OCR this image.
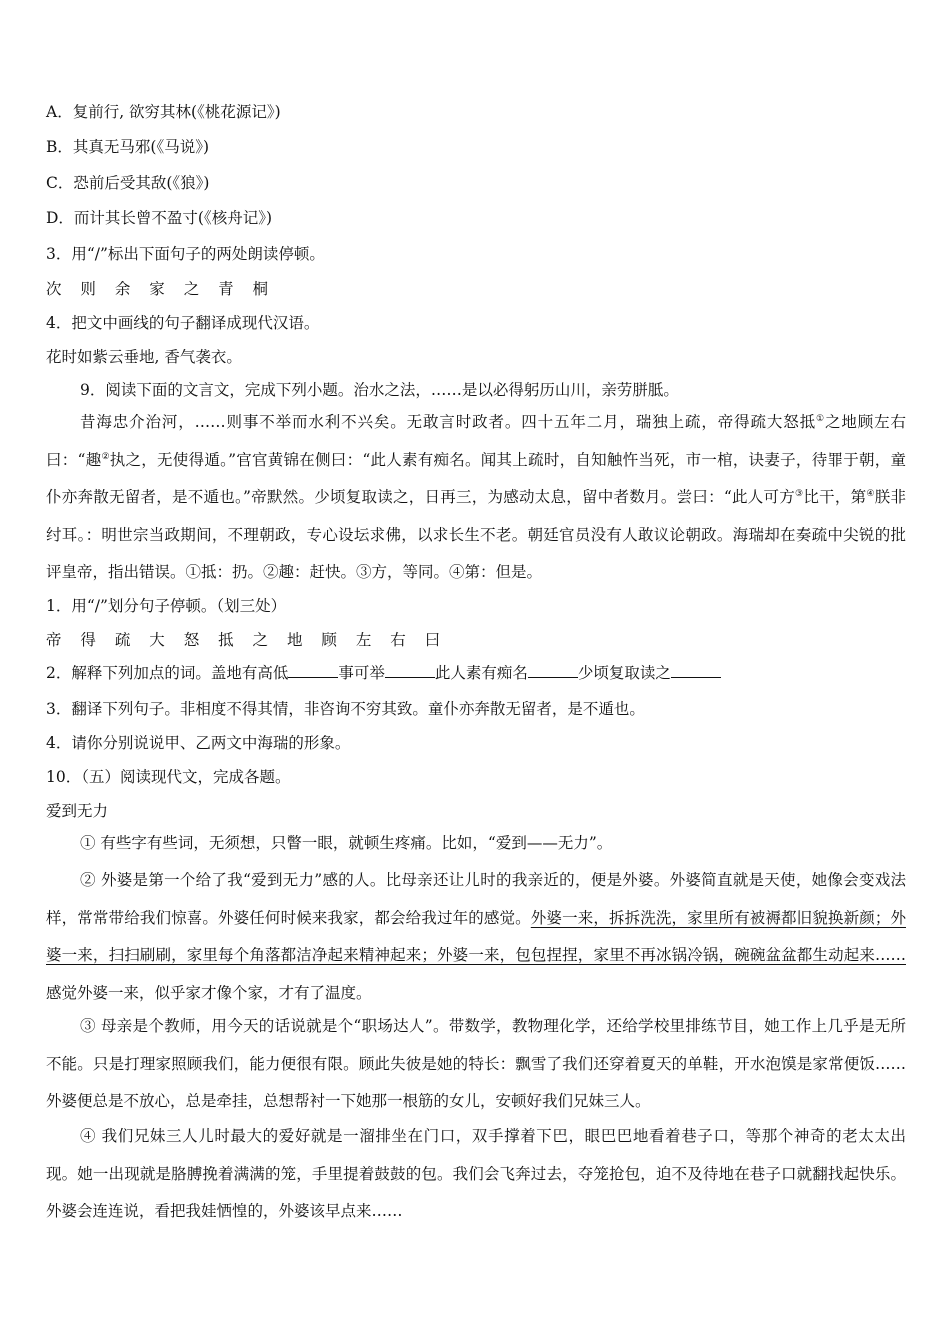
A．复前行, 欲穷其林(《桃花源记》)
B．其真无马邪(《马说》)
C．恐前后受其敌(《狼》)
D．而计其长曾不盈寸(《核舟记》)
3．用“/”标出下面句子的两处朗读停顿。
次 则 余 家 之 青 桐
4．把文中画线的句子翻译成现代汉语。
花时如紫云垂地, 香气袭衣。
9．阅读下面的文言文，完成下列小题。治水之法，……是以必得躬历山川，亲劳胼胝。
昔海忠介治河，……则事不举而水利不兴矣。无敢言时政者。四十五年二月，瑞独上疏，帝得疏大怒抵①之地顾左右曰：“趣②执之，无使得遁。”官官黄锦在侧曰：“此人素有痴名。闻其上疏时，自知触忤当死，市一棺，诀妻子，待罪于朝，童仆亦奔散无留者，是不遁也。”帝默然。少顷复取读之，日再三，为感动太息，留中者数月。尝曰：“此人可方③比干，第④朕非纣耳。：明世宗当政期间，不理朝政，专心设坛求佛，以求长生不老。朝廷官员没有人敢议论朝政。海瑞却在奏疏中尖锐的批评皇帝，指出错误。①抵：扔。②趣：赶快。③方，等同。④第：但是。
1．用“/”划分句子停顿。（划三处）
帝 得 疏 大 怒 抵 之 地 顾 左 右 曰
2．解释下列加点的词。盖地有高低	事可举	此人素有痴名	少顷复取读之
3．翻译下列句子。非相度不得其情，非咨询不穷其致。童仆亦奔散无留者，是不遁也。
4．请你分别说说甲、乙两文中海瑞的形象。
10．（五）阅读现代文，完成各题。
爱到无力
① 有些字有些词，无须想，只瞥一眼，就顿生疼痛。比如，“爱到——无力”。
② 外婆是第一个给了我“爱到无力”感的人。比母亲还让儿时的我亲近的，便是外婆。外婆简直就是天使，她像会变戏法样，常常带给我们惊喜。外婆任何时候来我家，都会给我过年的感觉。外婆一来，拆拆洗洗，家里所有被褥都旧貌换新颜；外婆一来，扫扫刷刷，家里每个角落都洁净起来精神起来；外婆一来，包包捏捏，家里不再冰锅冷锅，碗碗盆盆都生动起来……感觉外婆一来，似乎家才像个家，才有了温度。
③ 母亲是个教师，用今天的话说就是个“职场达人”。带数学，教物理化学，还给学校里排练节目，她工作上几乎是无所不能。只是打理家照顾我们，能力便很有限。顾此失彼是她的特长：飘雪了我们还穿着夏天的单鞋，开水泡馍是家常便饭……外婆便总是不放心，总是牵挂，总想帮衬一下她那一根筋的女儿，安顿好我们兄妹三人。
④ 我们兄妹三人儿时最大的爱好就是一溜排坐在门口，双手撑着下巴，眼巴巴地看着巷子口，等那个神奇的老太太出现。她一出现就是胳膊挽着满满的笼，手里提着鼓鼓的包。我们会飞奔过去，夺笼抢包，迫不及待地在巷子口就翻找起快乐。外婆会连连说，看把我娃恓惶的，外婆该早点来……
